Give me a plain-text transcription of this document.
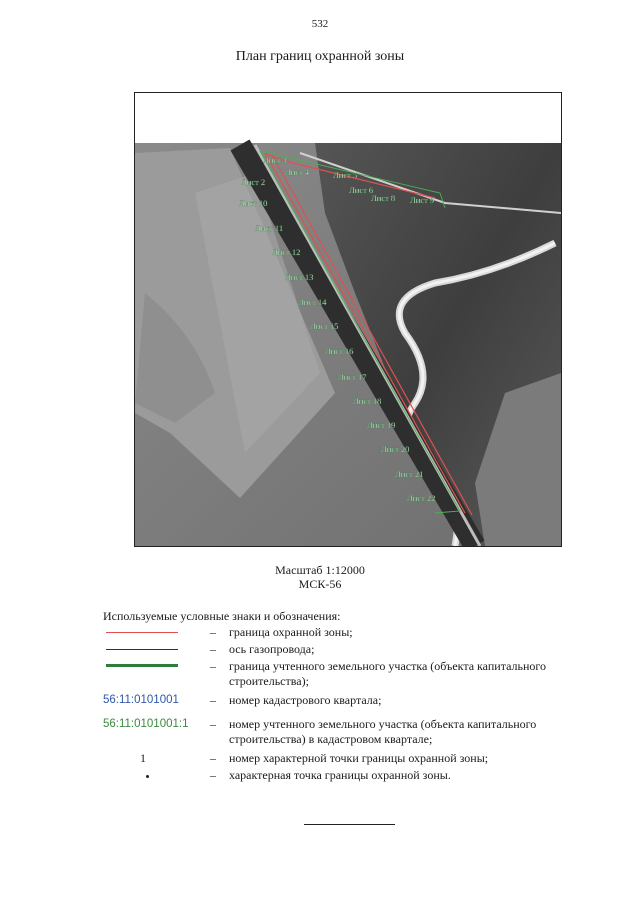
532
План границ охранной зоны
Лист 1
Лист 2
Лист 4	Лист 5
Лист 6
Лист 8 Лист 9
Лист 10
Лист 11
Лист 12
Лист 13
Лист 14
Лист 15
Лист 16
Лист 17
Лист 18
Лист 19
Лист 20
Лист 21
Лист 22
Масштаб 1:12000
МСК-56
Используемые условные знаки и обозначения:
– граница охранной зоны;
– ось газопровода;
– граница учтенного земельного участка (объекта капитального строительства);
56:11:0101001	– номер кадастрового квартала;
56:11:0101001:1 – номер учтенного земельного участка (объекта капитального строительства) в кадастровом квартале;
1	– номер характерной точки границы охранной зоны;
– характерная точка границы охранной зоны.
